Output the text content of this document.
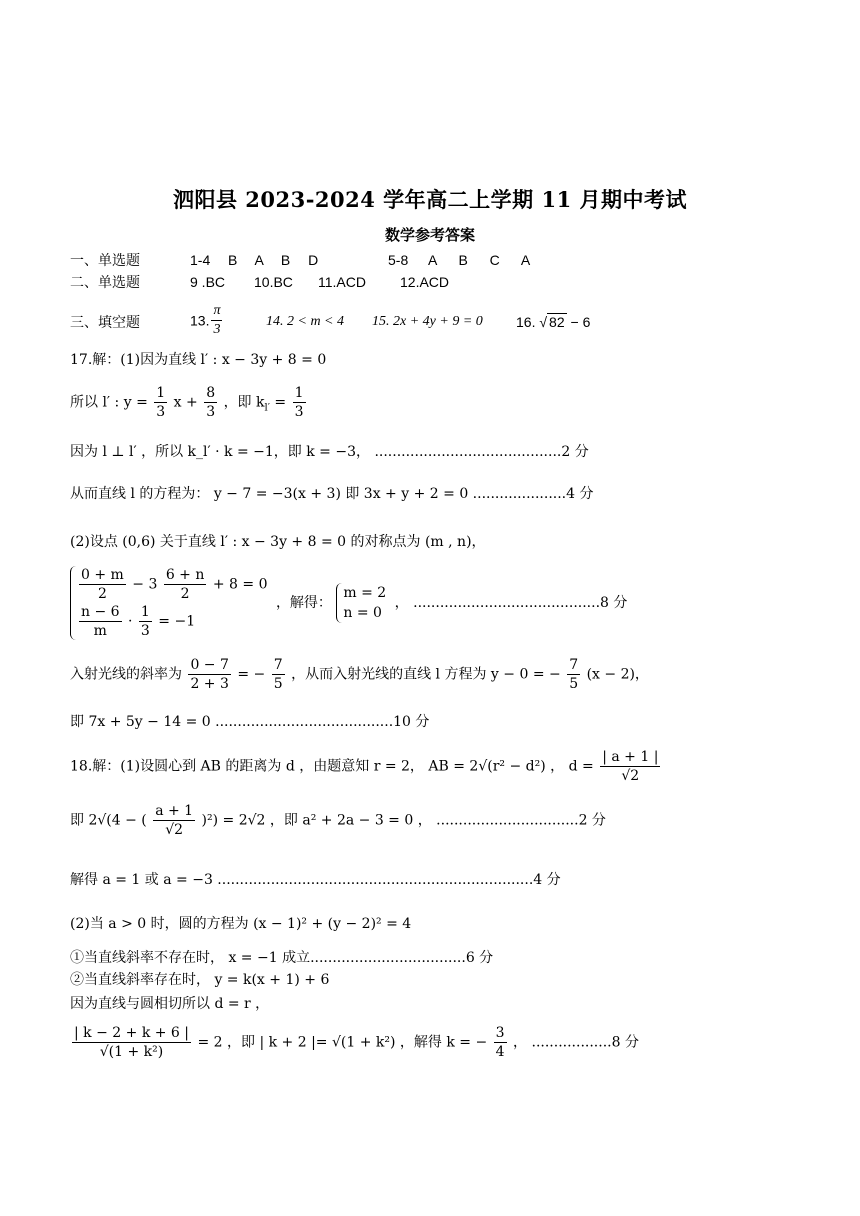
泗阳县 2023-2024 学年高二上学期 11 月期中考试
数学参考答案
一、单选题	1-4 B A B D	5-8 A B C A
二、单选题	9 .BC 10.BC 11.ACD 12.ACD
三、填空题	13. $\frac{\pi}{3}$	14. 2 < m < 4 15. 2x + 4y + 9 = 0 16. √ 82 − 6
17.解：(1)因为直线 l′ : x − 3y + 8 = 0
所以 l′ : $y = \frac{1}{3}$ $x + \frac{8}{3}$ ，即 $k_{l'} = \frac{1}{3}$
因为 l ⊥ l′ ，所以 k_l′ · k = −1，即 k = −3， ..........................................2 分
从而直线 l 的方程为： y − 7 = −3(x + 3) 即 3x + y + 2 = 0 .....................4 分
(2)设点 (0,6) 关于直线 l′ : x − 3y + 8 = 0 的对称点为 (m , n)，
$\frac{0 + m}{2} - 3 \frac{6 + n}{2} + 8 = 0$
$\frac{n - 6}{m} \cdot \frac{1}{3} = -1$
，解得：
m = 2
n = 0
， ..........................................8 分
入射光线的斜率为 $\frac{0 - 7}{2 + 3}$ = − $\frac{7}{5}$ ，从而入射光线的直线 l 方程为 y − 0 = − $\frac{7}{5} (x - 2)$，
即 7x + 5y − 14 = 0 ........................................10 分
18.解：(1)设圆心到 AB 的距离为 d ，由题意知 r = 2， AB = 2√(r² − d²) ， $d = \frac{| a + 1 |}{√2}$
即 2√(4 − ( $\frac{a + 1}{√2} )^2) = 2√2$ ，即 a² + 2a − 3 = 0 ， ................................2 分
解得 a = 1 或 a = −3 .......................................................................4 分
(2)当 a > 0 时，圆的方程为 (x − 1)² + (y − 2)² = 4
①当直线斜率不存在时， x = −1 成立...................................6 分
②当直线斜率存在时， y = k(x + 1) + 6
因为直线与圆相切所以 d = r ，
$\frac{| k - 2 + k + 6 |}{\text{√(1 + k²)}} = 2$ ，即 | k + 2 |= √(1 + k²) ，解得 k = − $\frac{3}{4}$ ， ..................8 分
